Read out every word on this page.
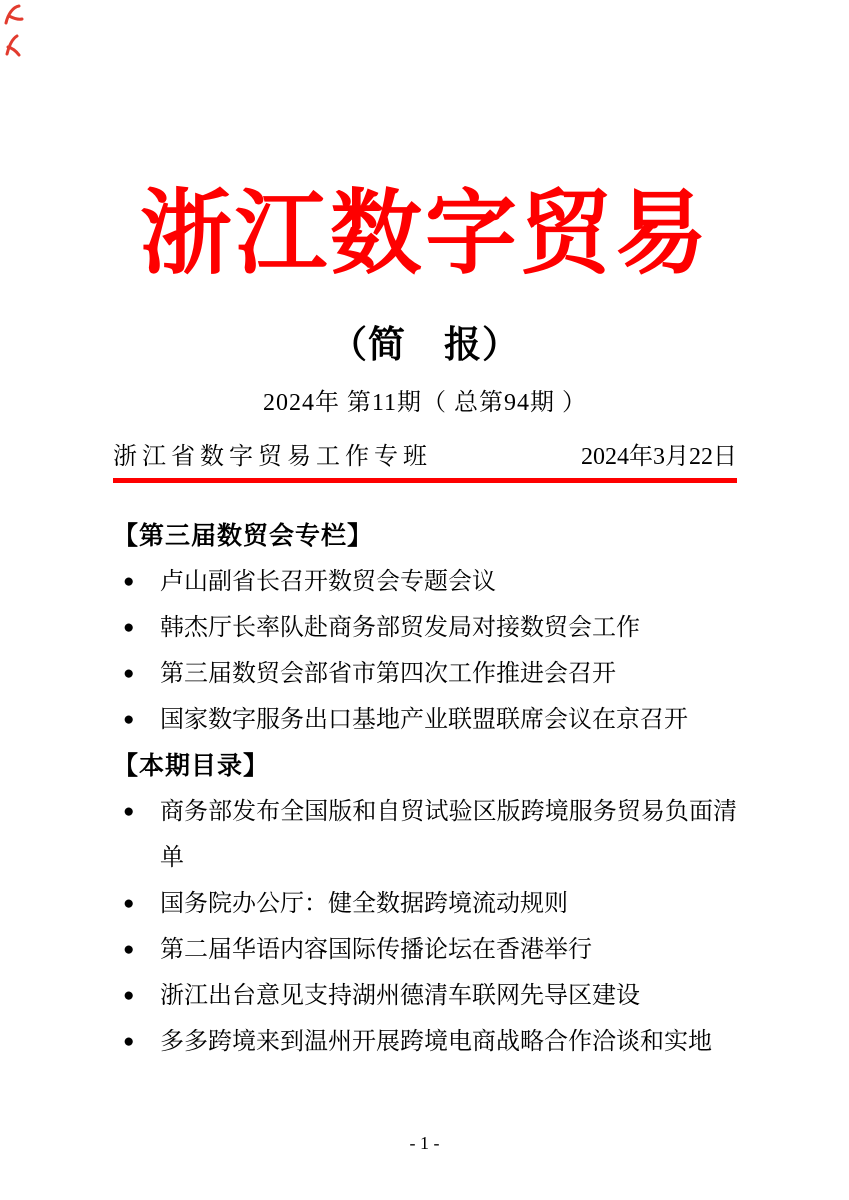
浙江数字贸易
（简　报）
2024年 第11期（ 总第94期 ）
浙江省数字贸易工作专班	2024年3月22日
【第三届数贸会专栏】
●	卢山副省长召开数贸会专题会议
●	韩杰厅长率队赴商务部贸发局对接数贸会工作
●	第三届数贸会部省市第四次工作推进会召开
●	国家数字服务出口基地产业联盟联席会议在京召开
【本期目录】
●	商务部发布全国版和自贸试验区版跨境服务贸易负面清单
●	国务院办公厅：健全数据跨境流动规则
●	第二届华语内容国际传播论坛在香港举行
●	浙江出台意见支持湖州德清车联网先导区建设
●	多多跨境来到温州开展跨境电商战略合作洽谈和实地
- 1 -
